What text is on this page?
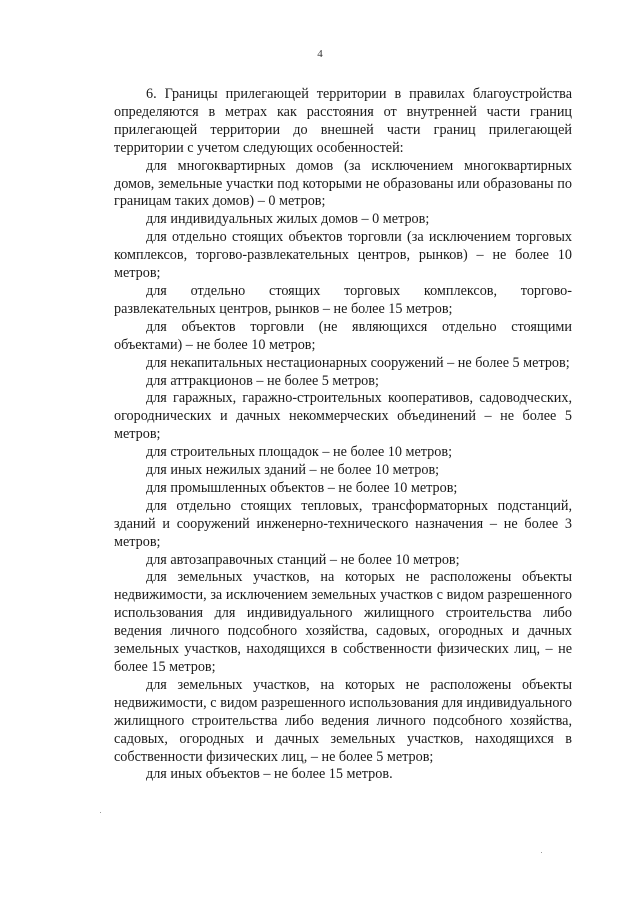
4

6. Границы прилегающей территории в правилах благоустройства определяются в метрах как расстояния от внутренней части границ прилегающей территории до внешней части границ прилегающей территории с учетом следующих особенностей:

для многоквартирных домов (за исключением многоквартирных домов, земельные участки под которыми не образованы или образованы по границам таких домов) – 0 метров;

для индивидуальных жилых домов – 0 метров;

для отдельно стоящих объектов торговли (за исключением торговых комплексов, торгово-развлекательных центров, рынков) – не более 10 метров;

для отдельно стоящих торговых комплексов, торгово-развлекательных центров, рынков – не более 15 метров;

для объектов торговли (не являющихся отдельно стоящими объектами) – не более 10 метров;

для некапитальных нестационарных сооружений – не более 5 метров;

для аттракционов – не более 5 метров;

для гаражных, гаражно-строительных кооперативов, садоводческих, огороднических и дачных некоммерческих объединений – не более 5 метров;

для строительных площадок – не более 10 метров;

для иных нежилых зданий – не более 10 метров;

для промышленных объектов – не более 10 метров;

для отдельно стоящих тепловых, трансформаторных подстанций, зданий и сооружений инженерно-технического назначения – не более 3 метров;

для автозаправочных станций – не более 10 метров;

для земельных участков, на которых не расположены объекты недвижимости, за исключением земельных участков с видом разрешенного использования для индивидуального жилищного строительства либо ведения личного подсобного хозяйства, садовых, огородных и дачных земельных участков, находящихся в собственности физических лиц, – не более 15 метров;

для земельных участков, на которых не расположены объекты недвижимости, с видом разрешенного использования для индивидуального жилищного строительства либо ведения личного подсобного хозяйства, садовых, огородных и дачных земельных участков, находящихся в собственности физических лиц, – не более 5 метров;

для иных объектов – не более 15 метров.
